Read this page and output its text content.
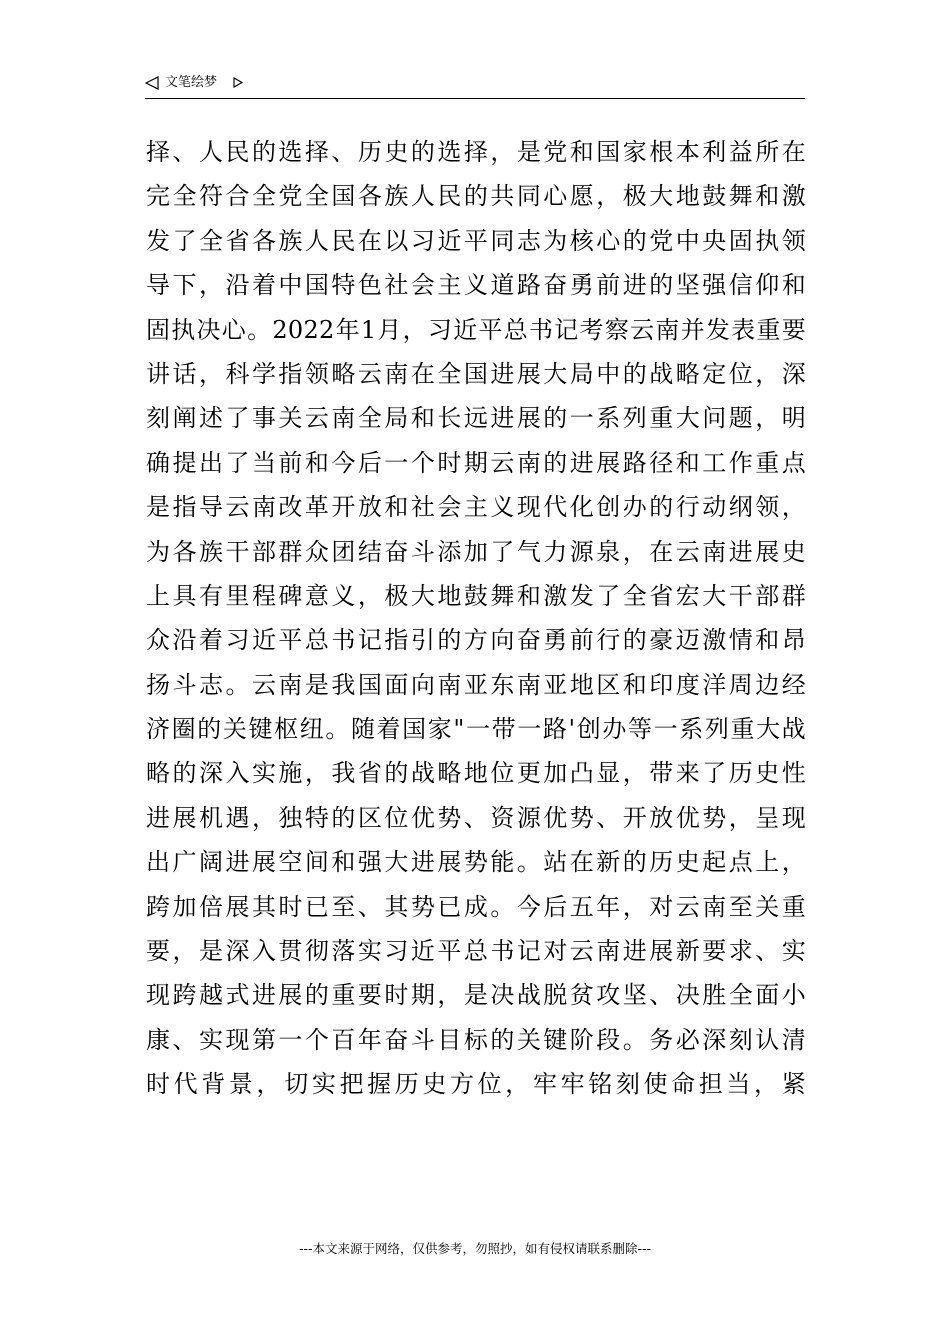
文笔绘梦
择、人民的选择、历史的选择，是党和国家根本利益所在
完全符合全党全国各族人民的共同心愿，极大地鼓舞和激
发了全省各族人民在以习近平同志为核心的党中央固执领
导下，沿着中国特色社会主义道路奋勇前进的坚强信仰和
固执决心。2022年1月，习近平总书记考察云南并发表重要
讲话，科学指领略云南在全国进展大局中的战略定位，深
刻阐述了事关云南全局和长远进展的一系列重大问题，明
确提出了当前和今后一个时期云南的进展路径和工作重点
是指导云南改革开放和社会主义现代化创办的行动纲领，
为各族干部群众团结奋斗添加了气力源泉，在云南进展史
上具有里程碑意义，极大地鼓舞和激发了全省宏大干部群
众沿着习近平总书记指引的方向奋勇前行的豪迈激情和昂
扬斗志。云南是我国面向南亚东南亚地区和印度洋周边经
济圈的关键枢纽。随着国家"一带一路'创办等一系列重大战
略的深入实施，我省的战略地位更加凸显，带来了历史性
进展机遇，独特的区位优势、资源优势、开放优势，呈现
出广阔进展空间和强大进展势能。站在新的历史起点上，
跨加倍展其时已至、其势已成。今后五年，对云南至关重
要，是深入贯彻落实习近平总书记对云南进展新要求、实
现跨越式进展的重要时期，是决战脱贫攻坚、决胜全面小
康、实现第一个百年奋斗目标的关键阶段。务必深刻认清
时代背景，切实把握历史方位，牢牢铭刻使命担当，紧
---本文来源于网络，仅供参考，勿照抄，如有侵权请联系删除---
